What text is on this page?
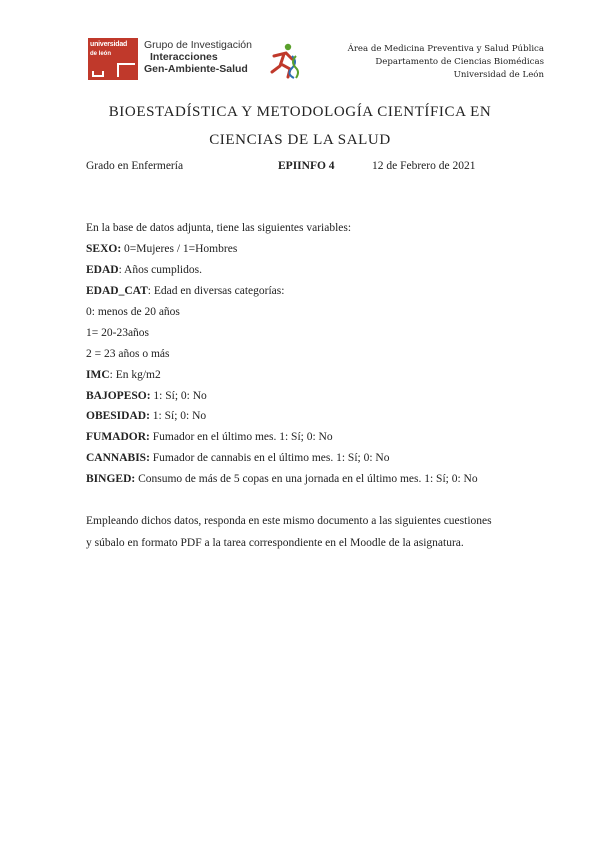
universidad
de león
Grupo de Investigación
Interacciones
Gen-Ambiente-Salud
Área de Medicina Preventiva y Salud Pública
Departamento de Ciencias Biomédicas
Universidad de León
BIOESTADÍSTICA Y METODOLOGÍA CIENTÍFICA EN
CIENCIAS DE LA SALUD
Grado en Enfermería	EPIINFO 4	12 de Febrero de 2021
En la base de datos adjunta, tiene las siguientes variables:
SEXO: 0=Mujeres / 1=Hombres
EDAD: Años cumplidos.
EDAD_CAT: Edad en diversas categorías:
0: menos de 20 años
1= 20-23años
2 = 23 años o más
IMC: En kg/m2
BAJOPESO: 1: Sí; 0: No
OBESIDAD: 1: Sí; 0: No
FUMADOR: Fumador en el último mes. 1: Sí; 0: No
CANNABIS: Fumador de cannabis en el último mes. 1: Sí; 0: No
BINGED: Consumo de más de 5 copas en una jornada en el último mes. 1: Sí; 0: No
Empleando dichos datos, responda en este mismo documento a las siguientes cuestiones
y súbalo en formato PDF a la tarea correspondiente en el Moodle de la asignatura.
